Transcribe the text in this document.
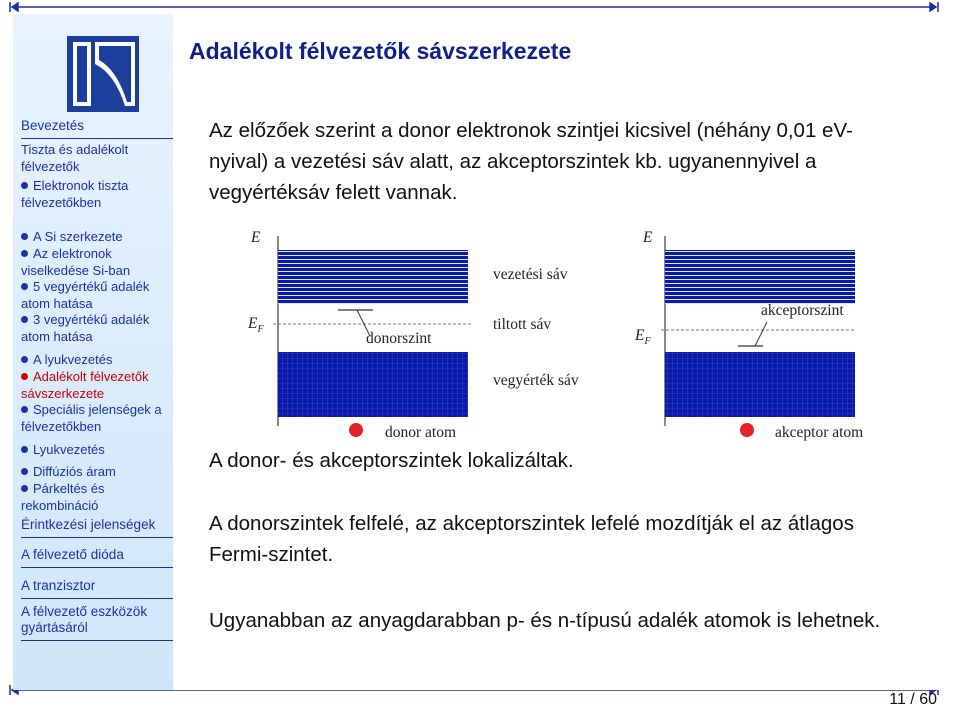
Bevezetés
Tiszta és adalékolt félvezetők
Elektronok tiszta félvezetőkben
A Si szerkezete
Az elektronok viselkedése Si-ban
5 vegyértékű adalék atom hatása
3 vegyértékű adalék atom hatása
A lyukvezetés
Adalékolt félvezetők sávszerkezete
Speciális jelenségek a félvezetőkben
Lyukvezetés
Diffúziós áram
Párkeltés és rekombináció
Érintkezési jelenségek
A félvezető dióda
A tranzisztor
A félvezető eszközök gyártásáról
Adalékolt félvezetők sávszerkezete
Az előzőek szerint a donor elektronok szintjei kicsivel (néhány 0,01 eV-nyival) a vezetési sáv alatt, az akceptorszintek kb. ugyanennyivel a vegyértéksáv felett vannak.
E
$E_F$
donorszint
vezetési sáv
tiltott sáv
vegyérték sáv
donor atom
E
$E_F$
akceptorszint
akceptor atom
A donor- és akceptorszintek lokalizáltak.
A donorszintek felfelé, az akceptorszintek lefelé mozdítják el az átlagos Fermi-szintet.
Ugyanabban az anyagdarabban p- és n-típusú adalék atomok is lehetnek.
11 / 60
